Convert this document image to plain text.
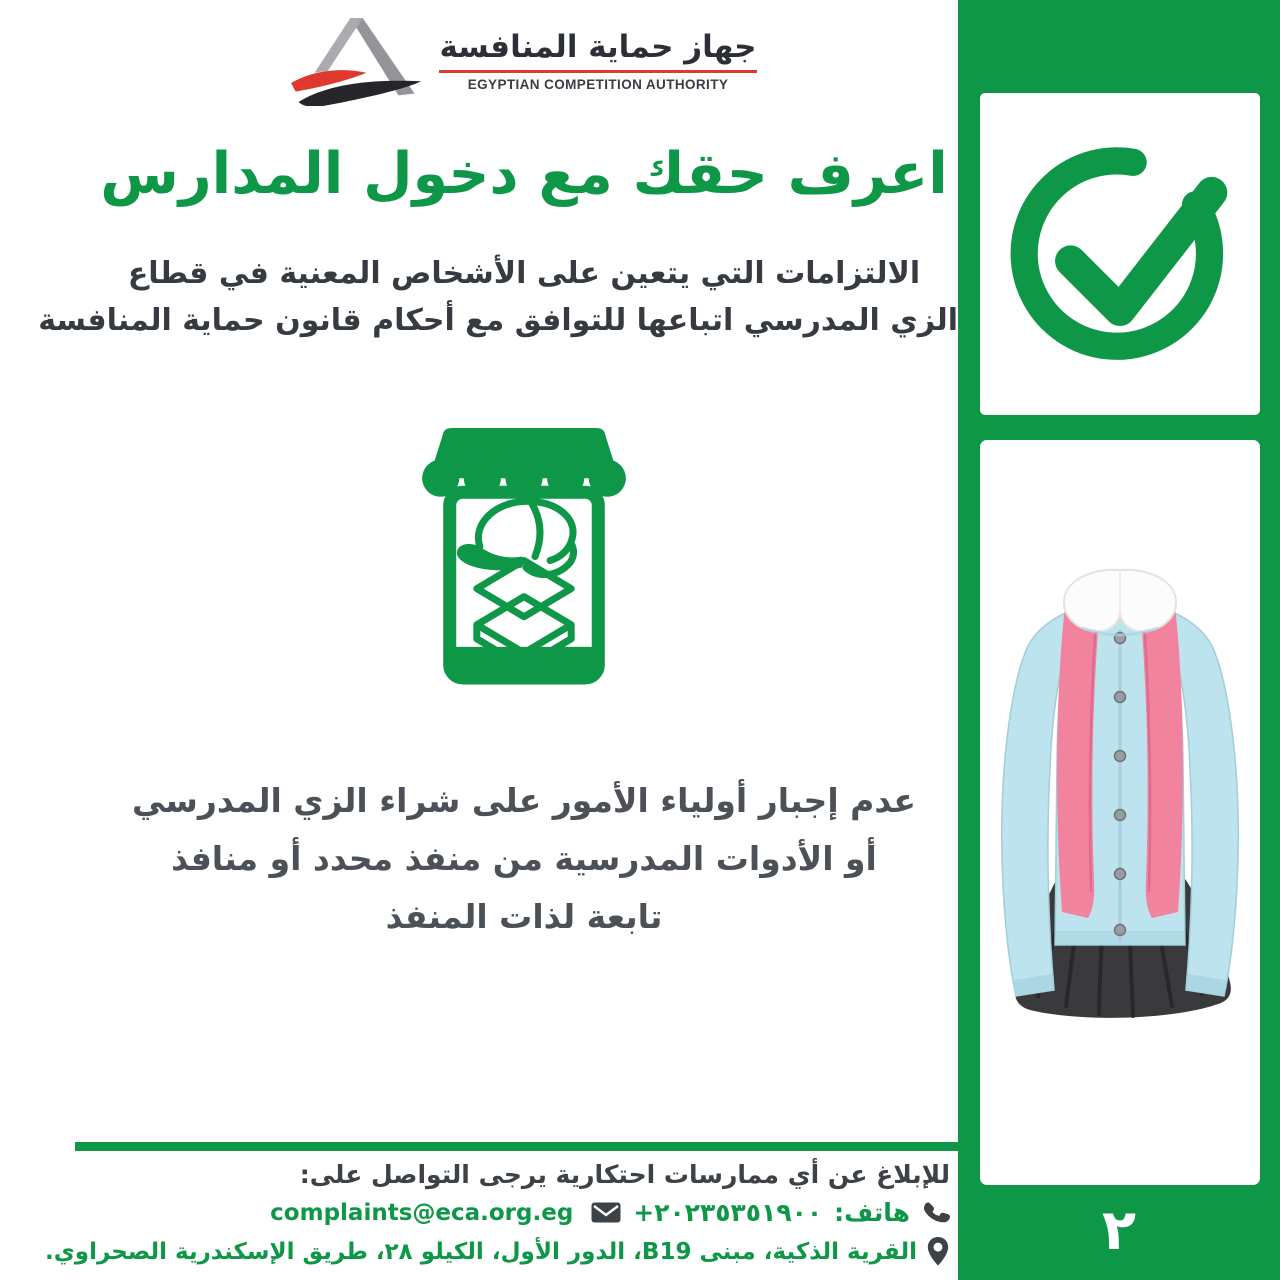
جهاز حماية المنافسة
EGYPTIAN COMPETITION AUTHORITY
اعرف حقك مع دخول المدارس
الالتزامات التي يتعين على الأشخاص المعنية في قطاع
الزي المدرسي اتباعها للتوافق مع أحكام قانون حماية المنافسة
عدم إجبار أولياء الأمور على شراء الزي المدرسي
أو الأدوات المدرسية من منفذ محدد أو منافذ
تابعة لذات المنفذ
للإبلاغ عن أي ممارسات احتكارية يرجى التواصل على:
هاتف:
+٢٠٢٣٥٣٥١٩٠٠
complaints@eca.org.eg
القرية الذكية، مبنى B19، الدور الأول، الكيلو ٢٨، طريق الإسكندرية الصحراوي.	٢
